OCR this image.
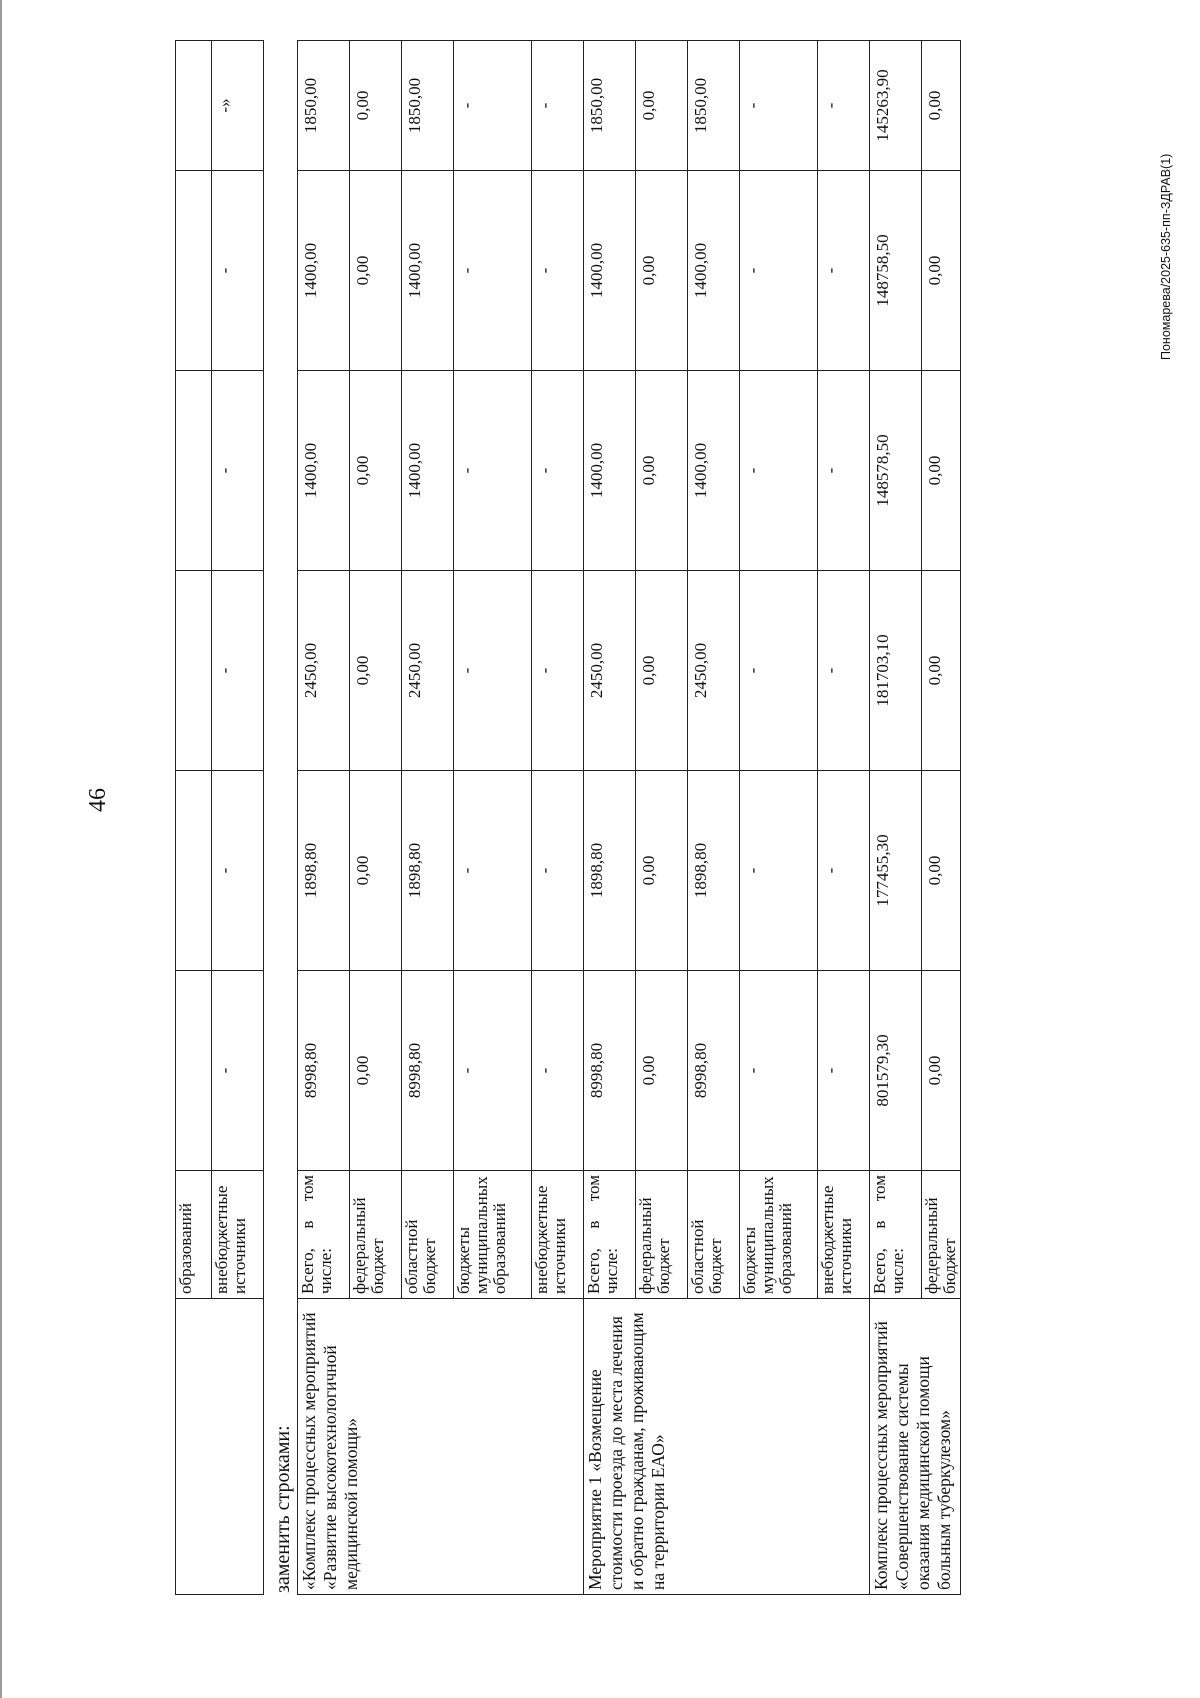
46
Пономарева/2025-635-пп-ЗДРАВ(1)
	образований						
	внебюджетные источники	-	-	-	-	-	-»
заменить строками: «Комплекс процессных мероприятий «Развитие высокотехнологичной медицинской помощи»	Всего, в том числе:	8998,80	1898,80	2450,00	1400,00	1400,00	1850,00
	федеральный бюджет	0,00	0,00	0,00	0,00	0,00	0,00
	областной бюджет	8998,80	1898,80	2450,00	1400,00	1400,00	1850,00
	бюджеты муниципальных образований	-	-	-	-	-	-
	внебюджетные источники	-	-	-	-	-	-
Мероприятие 1 «Возмещение стоимости проезда до места лечения и обратно гражданам, проживающим на территории ЕАО»	Всего, в том числе:	8998,80	1898,80	2450,00	1400,00	1400,00	1850,00
	федеральный бюджет	0,00	0,00	0,00	0,00	0,00	0,00
	областной бюджет	8998,80	1898,80	2450,00	1400,00	1400,00	1850,00
	бюджеты муниципальных образований	-	-	-	-	-	-
	внебюджетные источники	-	-	-	-	-	-
Комплекс процессных мероприятий «Совершенствование системы оказания медицинской помощи больным туберкулезом»	Всего, в том числе:	801579,30	177455,30	181703,10	148578,50	148758,50	145263,90
	федеральный бюджет	0,00	0,00	0,00	0,00	0,00	0,00
